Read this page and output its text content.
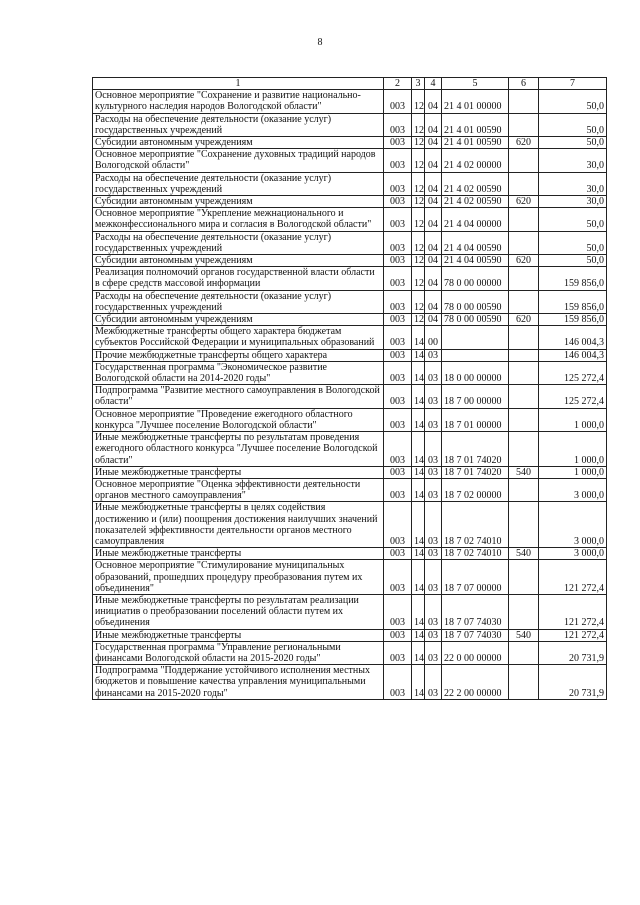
8
1	2	3	4	5	6	7
Основное мероприятие "Сохранение и развитие национально-культурного наследия народов Вологодской области"	003	12	04	21 4 01 00000		50,0
Расходы на обеспечение деятельности (оказание услуг) государственных учреждений	003	12	04	21 4 01 00590		50,0
Субсидии автономным учреждениям	003	12	04	21 4 01 00590	620	50,0
Основное мероприятие "Сохранение духовных традиций народов Вологодской области"	003	12	04	21 4 02 00000		30,0
Расходы на обеспечение деятельности (оказание услуг) государственных учреждений	003	12	04	21 4 02 00590		30,0
Субсидии автономным учреждениям	003	12	04	21 4 02 00590	620	30,0
Основное мероприятие "Укрепление межнационального и межконфессионального мира и согласия в Вологодской области"	003	12	04	21 4 04 00000		50,0
Расходы на обеспечение деятельности (оказание услуг) государственных учреждений	003	12	04	21 4 04 00590		50,0
Субсидии автономным учреждениям	003	12	04	21 4 04 00590	620	50,0
Реализация полномочий органов государственной власти области в сфере средств массовой информации	003	12	04	78 0 00 00000		159 856,0
Расходы на обеспечение деятельности (оказание услуг) государственных учреждений	003	12	04	78 0 00 00590		159 856,0
Субсидии автономным учреждениям	003	12	04	78 0 00 00590	620	159 856,0
Межбюджетные трансферты общего характера бюджетам субъектов Российской Федерации и муниципальных образований	003	14	00			146 004,3
Прочие межбюджетные трансферты общего характера	003	14	03			146 004,3
Государственная программа "Экономическое развитие Вологодской области на 2014-2020 годы"	003	14	03	18 0 00 00000		125 272,4
Подпрограмма "Развитие местного самоуправления в Вологодской области"	003	14	03	18 7 00 00000		125 272,4
Основное мероприятие "Проведение ежегодного областного конкурса "Лучшее поселение Вологодской области"	003	14	03	18 7 01 00000		1 000,0
Иные межбюджетные трансферты по результатам проведения ежегодного областного конкурса "Лучшее поселение Вологодской области"	003	14	03	18 7 01 74020		1 000,0
Иные межбюджетные трансферты	003	14	03	18 7 01 74020	540	1 000,0
Основное мероприятие "Оценка эффективности деятельности органов местного самоуправления"	003	14	03	18 7 02 00000		3 000,0
Иные межбюджетные трансферты в целях содействия достижению и (или) поощрения достижения наилучших значений показателей эффективности деятельности органов местного самоуправления	003	14	03	18 7 02 74010		3 000,0
Иные межбюджетные трансферты	003	14	03	18 7 02 74010	540	3 000,0
Основное мероприятие "Стимулирование муниципальных образований, прошедших процедуру преобразования путем их объединения"	003	14	03	18 7 07 00000		121 272,4
Иные межбюджетные трансферты по результатам реализации инициатив о преобразовании поселений области путем их объединения	003	14	03	18 7 07 74030		121 272,4
Иные межбюджетные трансферты	003	14	03	18 7 07 74030	540	121 272,4
Государственная программа "Управление региональными финансами Вологодской области на 2015-2020 годы"	003	14	03	22 0 00 00000		20 731,9
Подпрограмма "Поддержание устойчивого исполнения местных бюджетов и повышение качества управления муниципальными финансами на 2015-2020 годы"	003	14	03	22 2 00 00000		20 731,9
